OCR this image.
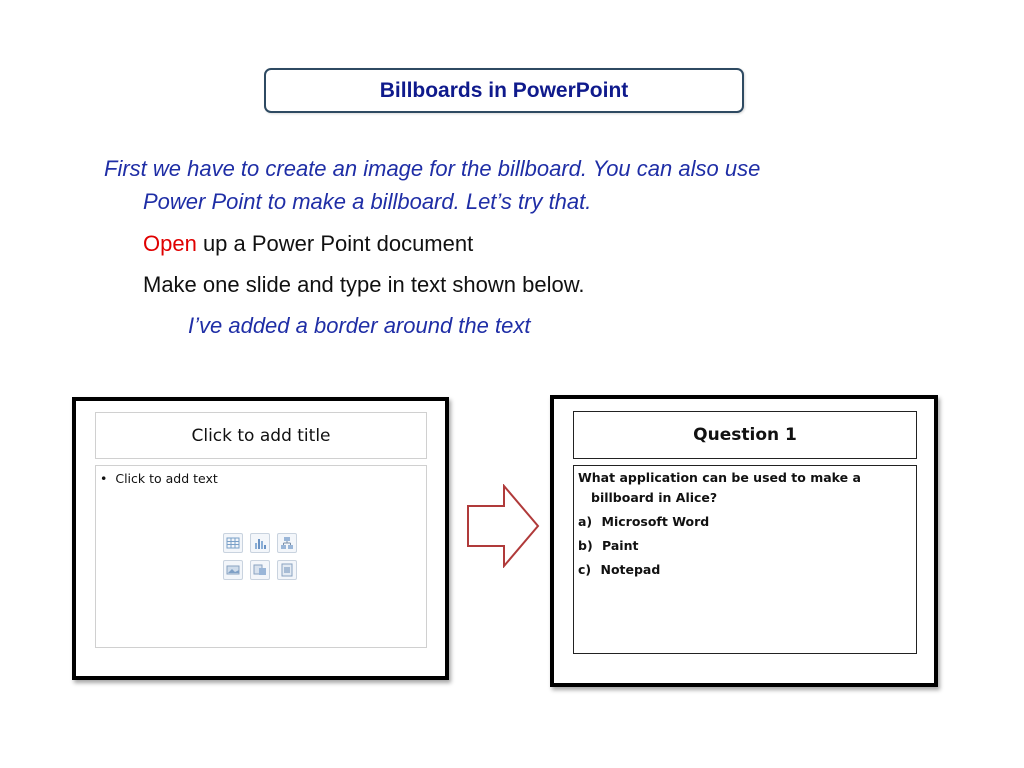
Billboards in PowerPoint
First we have to create an image for the billboard. You can also use
Power Point to make a billboard. Let’s try that.
Open up a Power Point document
Make one slide and type in text shown below.
I’ve added a border around the text
Click to add title
• Click to add text
Question 1
What application can be used to make a
billboard in Alice?
a) Microsoft Word
b) Paint
c) Notepad
